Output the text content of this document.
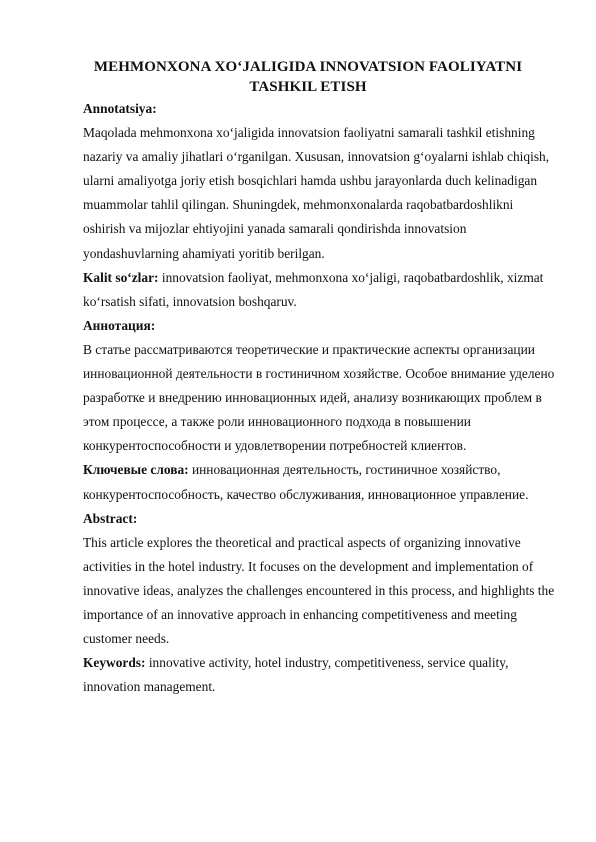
MEHMONXONA XO‘JALIGIDA INNOVATSION FAOLIYATNI
TASHKIL ETISH

Annotatsiya:

Maqolada mehmonxona xo‘jaligida innovatsion faoliyatni samarali tashkil etishning nazariy va amaliy jihatlari o‘rganilgan. Xususan, innovatsion g‘oyalarni ishlab chiqish, ularni amaliyotga joriy etish bosqichlari hamda ushbu jarayonlarda duch kelinadigan muammolar tahlil qilingan. Shuningdek, mehmonxonalarda raqobatbardoshlikni oshirish va mijozlar ehtiyojini yanada samarali qondirishda innovatsion yondashuvlarning ahamiyati yoritib berilgan.

Kalit so‘zlar: innovatsion faoliyat, mehmonxona xo‘jaligi, raqobatbardoshlik, xizmat ko‘rsatish sifati, innovatsion boshqaruv.

Аннотация:

В статье рассматриваются теоретические и практические аспекты организации инновационной деятельности в гостиничном хозяйстве. Особое внимание уделено разработке и внедрению инновационных идей, анализу возникающих проблем в этом процессе, а также роли инновационного подхода в повышении конкурентоспособности и удовлетворении потребностей клиентов.

Ключевые слова: инновационная деятельность, гостиничное хозяйство, конкурентоспособность, качество обслуживания, инновационное управление.

Abstract:

This article explores the theoretical and practical aspects of organizing innovative activities in the hotel industry. It focuses on the development and implementation of innovative ideas, analyzes the challenges encountered in this process, and highlights the importance of an innovative approach in enhancing competitiveness and meeting customer needs.

Keywords: innovative activity, hotel industry, competitiveness, service quality, innovation management.
